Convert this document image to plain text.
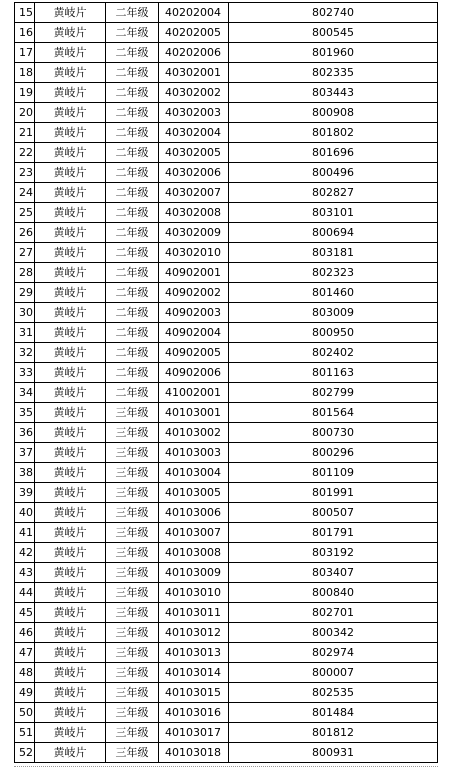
15	黄岐片	二年级	40202004	802740
16	黄岐片	二年级	40202005	800545
17	黄岐片	二年级	40202006	801960
18	黄岐片	二年级	40302001	802335
19	黄岐片	二年级	40302002	803443
20	黄岐片	二年级	40302003	800908
21	黄岐片	二年级	40302004	801802
22	黄岐片	二年级	40302005	801696
23	黄岐片	二年级	40302006	800496
24	黄岐片	二年级	40302007	802827
25	黄岐片	二年级	40302008	803101
26	黄岐片	二年级	40302009	800694
27	黄岐片	二年级	40302010	803181
28	黄岐片	二年级	40902001	802323
29	黄岐片	二年级	40902002	801460
30	黄岐片	二年级	40902003	803009
31	黄岐片	二年级	40902004	800950
32	黄岐片	二年级	40902005	802402
33	黄岐片	二年级	40902006	801163
34	黄岐片	二年级	41002001	802799
35	黄岐片	三年级	40103001	801564
36	黄岐片	三年级	40103002	800730
37	黄岐片	三年级	40103003	800296
38	黄岐片	三年级	40103004	801109
39	黄岐片	三年级	40103005	801991
40	黄岐片	三年级	40103006	800507
41	黄岐片	三年级	40103007	801791
42	黄岐片	三年级	40103008	803192
43	黄岐片	三年级	40103009	803407
44	黄岐片	三年级	40103010	800840
45	黄岐片	三年级	40103011	802701
46	黄岐片	三年级	40103012	800342
47	黄岐片	三年级	40103013	802974
48	黄岐片	三年级	40103014	800007
49	黄岐片	三年级	40103015	802535
50	黄岐片	三年级	40103016	801484
51	黄岐片	三年级	40103017	801812
52	黄岐片	三年级	40103018	800931
